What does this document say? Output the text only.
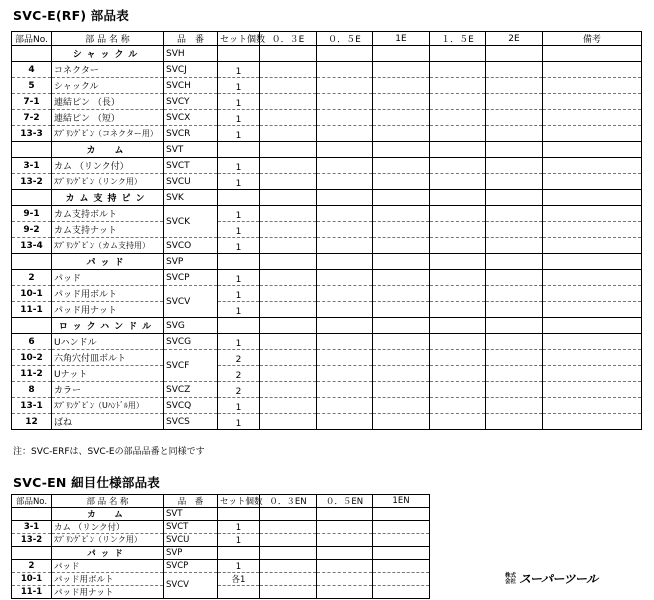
SVC-E(RF) 部品表
部品No.	部 品 名 称	品　番	セット個数	０．３E	０．５E	1E	１．５E	2E	備考
	シャックル	SVH							
4	コネクター	SVCJ	1						
5	シャックル	SVCH	1						
7-1	連結ピン （長）	SVCY	1						
7-2	連結ピン （短）	SVCX	1						
13-3	ｽﾌﾟﾘﾝｸﾞﾋﾟﾝ（コネクター用）	SVCR	1						
	カ　ム	SVT							
3-1	カム （リンク付）	SVCT	1						
13-2	ｽﾌﾟﾘﾝｸﾞﾋﾟﾝ（リンク用）	SVCU	1						
	カム支持ピン	SVK							
9-1	カム支持ボルト	SVCK	1						
9-2	カム支持ナット		1						
13-4	ｽﾌﾟﾘﾝｸﾞﾋﾟﾝ（カム支持用）	SVCO	1						
	パッド	SVP							
2	パッド	SVCP	1						
10-1	パッド用ボルト	SVCV	1						
11-1	パッド用ナット		1						
	ロックハンドル	SVG							
6	Uハンドル	SVCG	1						
10-2	六角穴付皿ボルト	SVCF	2						
11-2	Uナット		2						
8	カラー	SVCZ	2						
13-1	ｽﾌﾟﾘﾝｸﾞﾋﾟﾝ（Uﾊﾝﾄﾞﾙ用）	SVCQ	1						
12	ばね	SVCS	1						
注：SVC-ERFは、SVC-Eの部品品番と同様です
SVC-EN 細目仕様部品表
部品No.	部 品 名 称	品　番	セット個数	０．３EN	０．５EN	1EN
	カ　ム	SVT				
3-1	カム （リンク付）	SVCT	1			
13-2	ｽﾌﾟﾘﾝｸﾞﾋﾟﾝ（リンク用）	SVCU	1			
	パッド	SVP				
2	パッド	SVCP	1			
10-1	パッド用ボルト	SVCV	各1			
11-1	パッド用ナット					
株式
会社 スーパーツール
